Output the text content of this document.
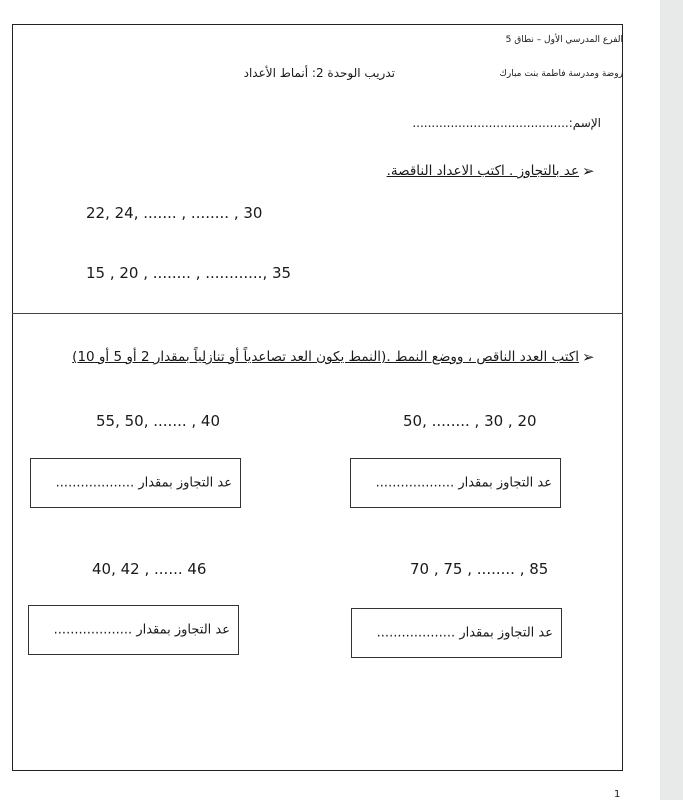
الفرع المدرسي الأول – نطاق 5
روضة ومدرسة فاطمة بنت مبارك
تدريب الوحدة 2: أنماط الأعداد
الإسم:.........................................
➢
عد بالتجاوز . اكتب الاعداد الناقصة.
22, 24, ....... , ........ , 30
15 , 20 , ........ , ............, 35
➢
اكتب العدد الناقص ، ووضع النمط .(النمط يكون العد تصاعدياً أو تنازلياً بمقدار 2 أو 5 أو 10)
55, 50, ....... , 40	50, ........ , 30 , 20
عد التجاوز بمقدار ...................	عد التجاوز بمقدار ...................
40, 42 , ...... 46	70 , 75 , ........ , 85
عد التجاوز بمقدار ...................	عد التجاوز بمقدار ...................
1
